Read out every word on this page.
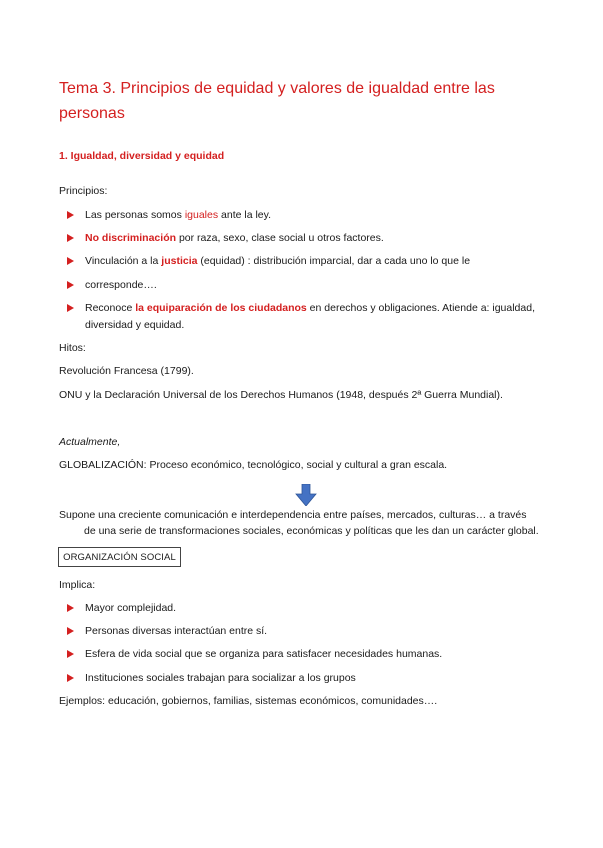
Tema 3. Principios de equidad y valores de igualdad entre las
personas
1. Igualdad, diversidad y equidad
Principios:
Las personas somos iguales ante la ley.
No discriminación por raza, sexo, clase social u otros factores.
Vinculación a la justicia (equidad) : distribución imparcial, dar a cada uno lo que le
corresponde….
Reconoce la equiparación de los ciudadanos en derechos y obligaciones. Atiende a: igualdad,
diversidad y equidad.
Hitos:
Revolución Francesa (1799).
ONU y la Declaración Universal de los Derechos Humanos (1948, después 2ª Guerra Mundial).
Actualmente,
GLOBALIZACIÓN: Proceso económico, tecnológico, social y cultural a gran escala.
Supone una creciente comunicación e interdependencia entre países, mercados, culturas… a través
de una serie de transformaciones sociales, económicas y políticas que les dan un carácter global.
ORGANIZACIÓN SOCIAL
Implica:
Mayor complejidad.
Personas diversas interactúan entre sí.
Esfera de vida social que se organiza para satisfacer necesidades humanas.
Instituciones sociales trabajan para socializar a los grupos
Ejemplos: educación, gobiernos, familias, sistemas económicos, comunidades….
